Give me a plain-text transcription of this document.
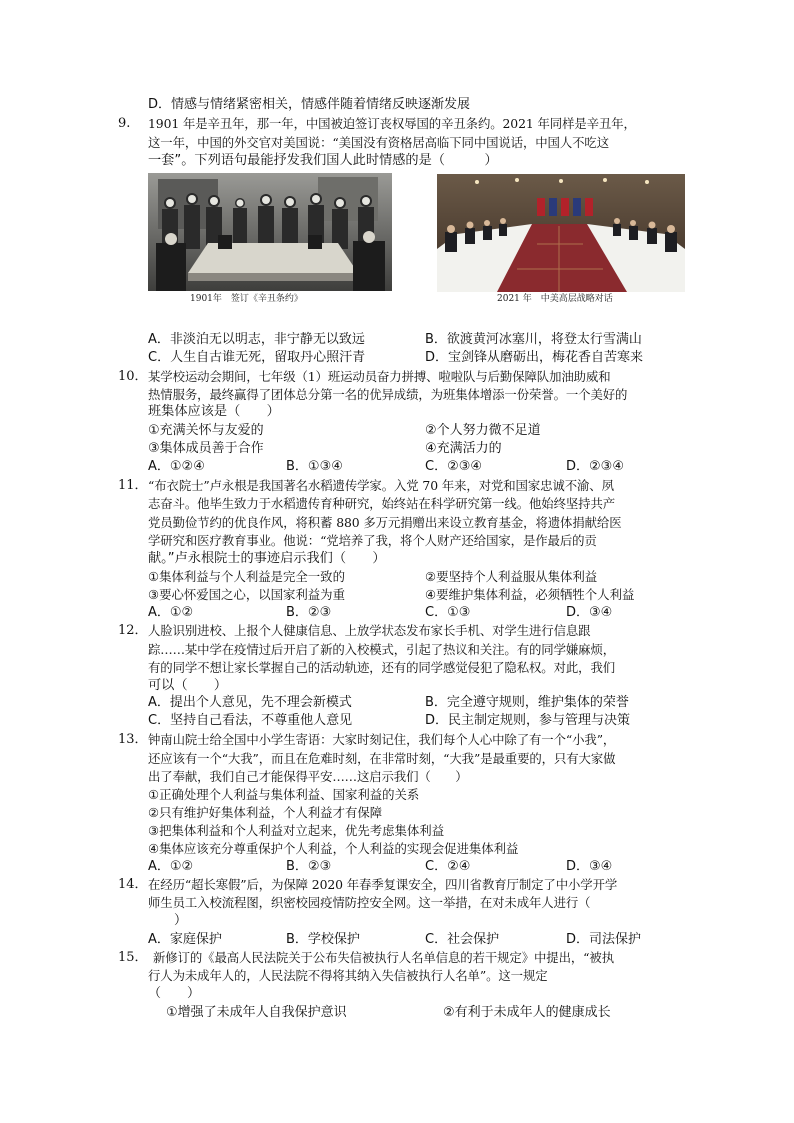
D．情感与情绪紧密相关，情感伴随着情绪反映逐渐发展
9. 1901 年是辛丑年，那一年，中国被迫签订丧权辱国的辛丑条约。2021 年同样是辛丑年，
这一年，中国的外交官对美国说：“美国没有资格居高临下同中国说话，中国人不吃这
一套”。下列语句最能抒发我们国人此时情感的是（　　　）
1901年　签订《辛丑条约》	2021 年　中美高层战略对话
A．非淡泊无以明志，非宁静无以致远	B．欲渡黄河冰塞川，将登太行雪满山
C．人生自古谁无死，留取丹心照汗青	D．宝剑锋从磨砺出，梅花香自苦寒来
10． 某学校运动会期间，七年级（1）班运动员奋力拼搏、啦啦队与后勤保障队加油助威和
热情服务，最终赢得了团体总分第一名的优异成绩，为班集体增添一份荣誉。一个美好的
班集体应该是（　　）
①充满关怀与友爱的	②个人努力微不足道
③集体成员善于合作	④充满活力的
A．①②④	B．①③④	C．②③④	D．②③④
11． “布衣院士”卢永根是我国著名水稻遗传学家。入党 70 年来，对党和国家忠诚不渝、夙
志奋斗。他毕生致力于水稻遗传育种研究，始终站在科学研究第一线。他始终坚持共产
党员勤俭节约的优良作风，将积蓄 880 多万元捐赠出来设立教育基金，将遗体捐献给医
学研究和医疗教育事业。他说：“党培养了我，将个人财产还给国家，是作最后的贡
献。”卢永根院士的事迹启示我们（　　）
①集体利益与个人利益是完全一致的	②要坚持个人利益服从集体利益
③要心怀爱国之心，以国家利益为重	④要维护集体利益，必须牺牲个人利益
A．①②	B．②③	C．①③	D．③④
12． 人脸识别进校、上报个人健康信息、上放学状态发布家长手机、对学生进行信息跟
踪……某中学在疫情过后开启了新的入校模式，引起了热议和关注。有的同学嫌麻烦，
有的同学不想让家长掌握自己的活动轨迹，还有的同学感觉侵犯了隐私权。对此，我们
可以（　　）
A．提出个人意见，先不理会新模式	B．完全遵守规则，维护集体的荣誉
C．坚持自己看法，不尊重他人意见	D．民主制定规则，参与管理与决策
13． 钟南山院士给全国中小学生寄语：大家时刻记住，我们每个人心中除了有一个“小我”，
还应该有一个“大我”，而且在危难时刻，在非常时刻，“大我”是最重要的，只有大家做
出了奉献，我们自己才能保得平安……这启示我们（　　）
①正确处理个人利益与集体利益、国家利益的关系
②只有维护好集体利益，个人利益才有保障
③把集体利益和个人利益对立起来，优先考虑集体利益
④集体应该充分尊重保护个人利益，个人利益的实现会促进集体利益
A．①②	B．②③	C．②④	D．③④
14． 在经历“超长寒假”后，为保障 2020 年春季复课安全，四川省教育厅制定了中小学开学
师生员工入校流程图，织密校园疫情防控安全网。这一举措，在对未成年人进行（
　　）
A．家庭保护	B．学校保护	C．社会保护	D．司法保护
15． 新修订的《最高人民法院关于公布失信被执行人名单信息的若干规定》中提出，“被执
行人为未成年人的，人民法院不得将其纳入失信被执行人名单”。这一规定
（　　）
①增强了未成年人自我保护意识	②有利于未成年人的健康成长
